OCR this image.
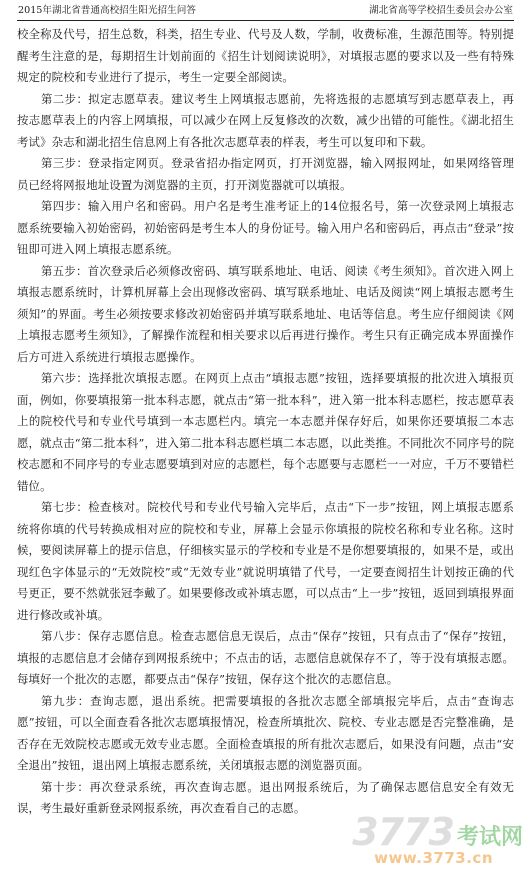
2015年湖北省普通高校招生阳光招生问答	湖北省高等学校招生委员会办公室

校全称及代号，招生总数，科类，招生专业、代号及人数，学制，收费标准，生源范围等。特别提醒考生注意的是，每期招生计划前面的《招生计划阅读说明》，对填报志愿的要求以及一些有特殊规定的院校和专业进行了提示，考生一定要全部阅读。

第二步：拟定志愿草表。建议考生上网填报志愿前，先将选报的志愿填写到志愿草表上，再按志愿草表上的内容上网填报，可以减少在网上反复修改的次数，减少出错的可能性。《湖北招生考试》杂志和湖北招生信息网上有各批次志愿草表的样表，考生可以复印和下载。

第三步：登录指定网页。登录省招办指定网页，打开浏览器，输入网报网址，如果网络管理员已经将网报地址设置为浏览器的主页，打开浏览器就可以填报。

第四步：输入用户名和密码。用户名是考生准考证上的14位报名号，第一次登录网上填报志愿系统要输入初始密码，初始密码是考生本人的身份证号。输入用户名和密码后，再点击“登录”按钮即可进入网上填报志愿系统。

第五步：首次登录后必须修改密码、填写联系地址、电话、阅读《考生须知》。首次进入网上填报志愿系统时，计算机屏幕上会出现修改密码、填写联系地址、电话及阅读“网上填报志愿考生须知”的界面。考生必须按要求修改初始密码并填写联系地址、电话等信息。考生应仔细阅读《网上填报志愿考生须知》，了解操作流程和相关要求以后再进行操作。考生只有正确完成本界面操作后方可进入系统进行填报志愿操作。

第六步：选择批次填报志愿。在网页上点击“填报志愿”按钮，选择要填报的批次进入填报页面，例如，你要填报第一批本科志愿，就点击“第一批本科”，进入第一批本科志愿栏，按志愿草表上的院校代号和专业代号填到一本志愿栏内。填完一本志愿并保存好后，如果你还要填报二本志愿，就点击“第二批本科”，进入第二批本科志愿栏填二本志愿，以此类推。不同批次不同序号的院校志愿和不同序号的专业志愿要填到对应的志愿栏，每个志愿要与志愿栏一一对应，千万不要错栏错位。

第七步：检查核对。院校代号和专业代号输入完毕后，点击“下一步”按钮，网上填报志愿系统将你填的代号转换成相对应的院校和专业，屏幕上会显示你填报的院校名称和专业名称。这时候，要阅读屏幕上的提示信息，仔细核实显示的学校和专业是不是你想要填报的，如果不是，或出现红色字体显示的“无效院校”或“无效专业”就说明填错了代号，一定要查阅招生计划按正确的代号更正，要不然就张冠李戴了。如果要修改或补填志愿，可以点击“上一步”按钮，返回到填报界面进行修改或补填。

第八步：保存志愿信息。检查志愿信息无误后，点击“保存”按钮，只有点击了“保存”按钮，填报的志愿信息才会储存到网报系统中；不点击的话，志愿信息就保存不了，等于没有填报志愿。每填好一个批次的志愿，都要点击“保存”按钮，保存这个批次的志愿信息。

第九步：查询志愿，退出系统。把需要填报的各批次志愿全部填报完毕后，点击“查询志愿”按钮，可以全面查看各批次志愿填报情况，检查所填批次、院校、专业志愿是否完整准确，是否存在无效院校志愿或无效专业志愿。全面检查填报的所有批次志愿后，如果没有问题，点击“安全退出”按钮，退出网上填报志愿系统，关闭填报志愿的浏览器页面。

第十步：再次登录系统，再次查询志愿。退出网报系统后，为了确保志愿信息安全有效无误，考生最好重新登录网报系统，再次查看自己的志愿。

3773 考试网
www.3773.cn
